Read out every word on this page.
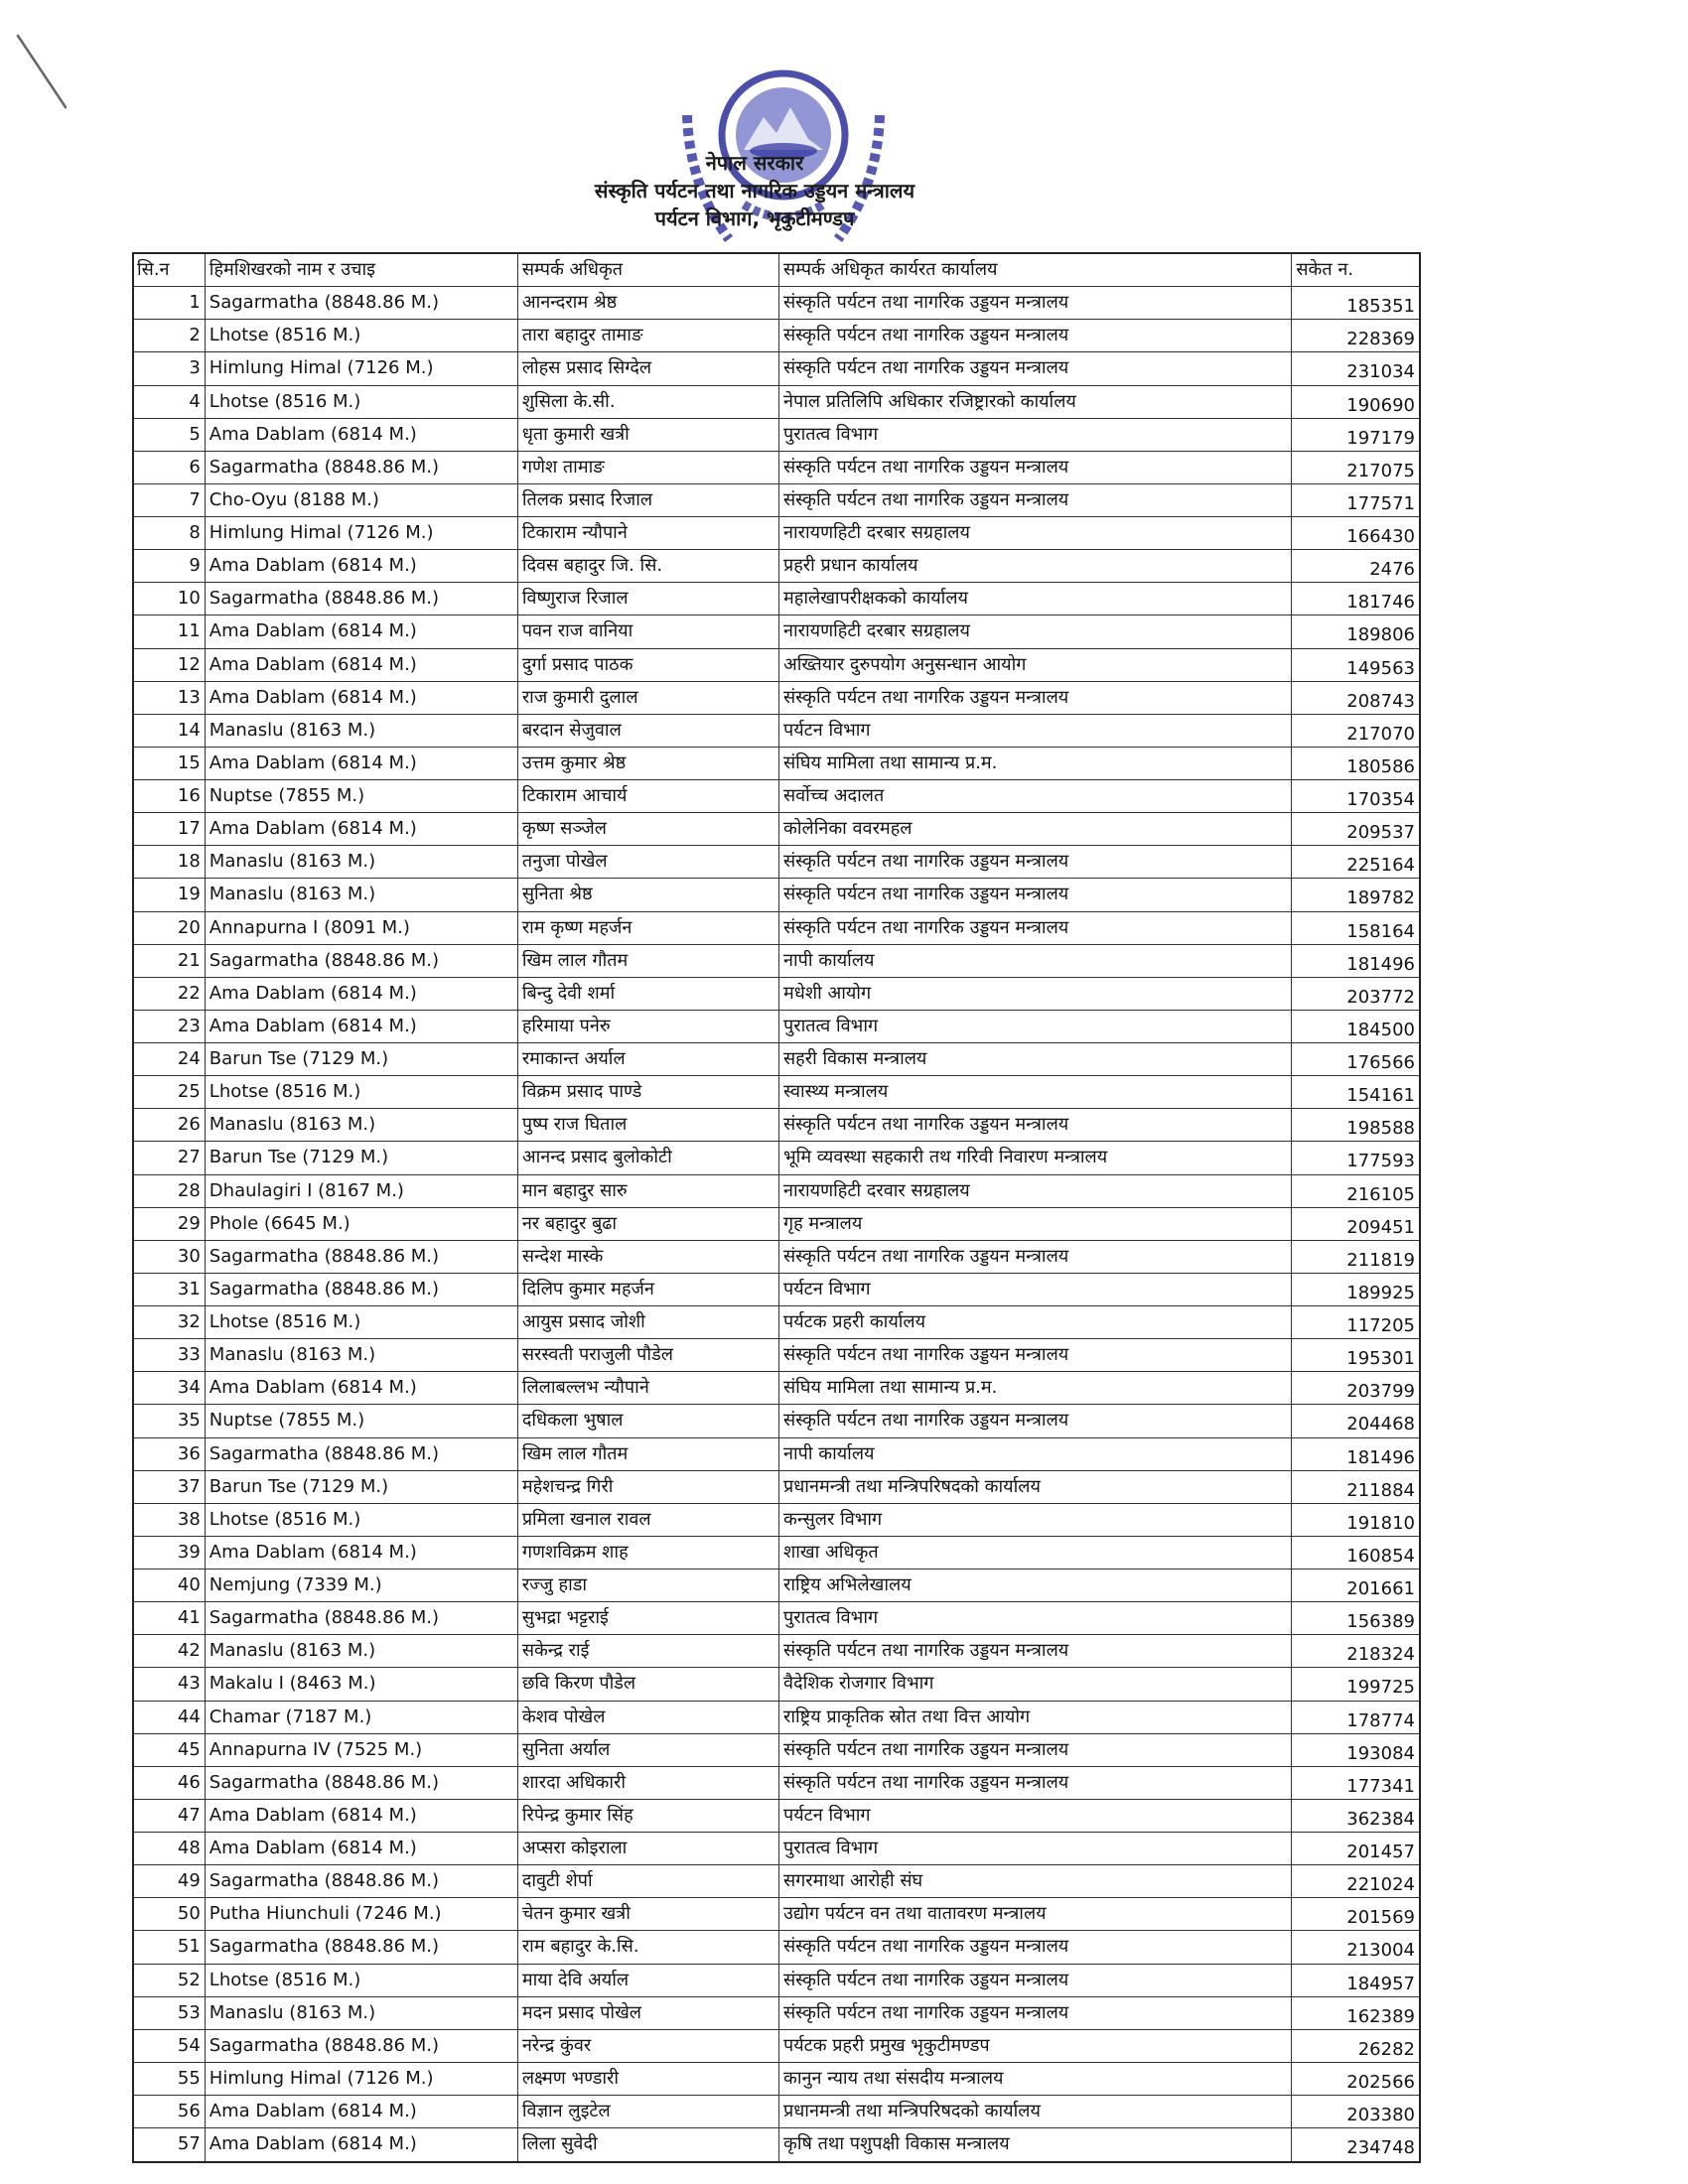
नेपाल सरकार
संस्कृति पर्यटन तथा नागरिक उड्डयन मन्त्रालय
पर्यटन विभाग, भृकुटीमण्डप
सि.न	हिमशिखरको नाम र उचाइ	सम्पर्क अधिकृत	सम्पर्क अधिकृत कार्यरत कार्यालय	सकेत न.
1 Sagarmatha (8848.86 M.)	आनन्दराम श्रेष्ठ	संस्कृति पर्यटन तथा नागरिक उड्डयन मन्त्रालय	185351
2 Lhotse (8516 M.)	तारा बहादुर तामाङ	संस्कृति पर्यटन तथा नागरिक उड्डयन मन्त्रालय	228369
3 Himlung Himal (7126 M.)	लोहस प्रसाद सिग्देल	संस्कृति पर्यटन तथा नागरिक उड्डयन मन्त्रालय	231034
4 Lhotse (8516 M.)	शुसिला के.सी.	नेपाल प्रतिलिपि अधिकार रजिष्ट्रारको कार्यालय	190690
5 Ama Dablam (6814 M.)	धृता कुमारी खत्री	पुरातत्व विभाग	197179
6 Sagarmatha (8848.86 M.)	गणेश तामाङ	संस्कृति पर्यटन तथा नागरिक उड्डयन मन्त्रालय	217075
7 Cho-Oyu (8188 M.)	तिलक प्रसाद रिजाल	संस्कृति पर्यटन तथा नागरिक उड्डयन मन्त्रालय	177571
8 Himlung Himal (7126 M.)	टिकाराम न्यौपाने	नारायणहिटी दरबार सग्रहालय	166430
9 Ama Dablam (6814 M.)	दिवस बहादुर जि. सि.	प्रहरी प्रधान कार्यालय	2476
10 Sagarmatha (8848.86 M.)	विष्णुराज रिजाल	महालेखापरीक्षकको कार्यालय	181746
11 Ama Dablam (6814 M.)	पवन राज वानिया	नारायणहिटी दरबार सग्रहालय	189806
12 Ama Dablam (6814 M.)	दुर्गा प्रसाद पाठक	अख्तियार दुरुपयोग अनुसन्धान आयोग	149563
13 Ama Dablam (6814 M.)	राज कुमारी दुलाल	संस्कृति पर्यटन तथा नागरिक उड्डयन मन्त्रालय	208743
14 Manaslu (8163 M.)	बरदान सेजुवाल	पर्यटन विभाग	217070
15 Ama Dablam (6814 M.)	उत्तम कुमार श्रेष्ठ	संघिय मामिला तथा सामान्य प्र.म.	180586
16 Nuptse (7855 M.)	टिकाराम आचार्य	सर्वोच्च अदालत	170354
17 Ama Dablam (6814 M.)	कृष्ण सञ्जेल	कोलेनिका ववरमहल	209537
18 Manaslu (8163 M.)	तनुजा पोखेल	संस्कृति पर्यटन तथा नागरिक उड्डयन मन्त्रालय	225164
19 Manaslu (8163 M.)	सुनिता श्रेष्ठ	संस्कृति पर्यटन तथा नागरिक उड्डयन मन्त्रालय	189782
20 Annapurna I (8091 M.)	राम कृष्ण महर्जन	संस्कृति पर्यटन तथा नागरिक उड्डयन मन्त्रालय	158164
21 Sagarmatha (8848.86 M.)	खिम लाल गौतम	नापी कार्यालय	181496
22 Ama Dablam (6814 M.)	बिन्दु देवी शर्मा	मधेशी आयोग	203772
23 Ama Dablam (6814 M.)	हरिमाया पनेरु	पुरातत्व विभाग	184500
24 Barun Tse (7129 M.)	रमाकान्त अर्याल	सहरी विकास मन्त्रालय	176566
25 Lhotse (8516 M.)	विक्रम प्रसाद पाण्डे	स्वास्थ्य मन्त्रालय	154161
26 Manaslu (8163 M.)	पुष्प राज घिताल	संस्कृति पर्यटन तथा नागरिक उड्डयन मन्त्रालय	198588
27 Barun Tse (7129 M.)	आनन्द प्रसाद बुलोकोटी	भूमि व्यवस्था सहकारी तथ गरिवी निवारण मन्त्रालय	177593
28 Dhaulagiri I (8167 M.)	मान बहादुर सारु	नारायणहिटी दरवार सग्रहालय	216105
29 Phole (6645 M.)	नर बहादुर बुढा	गृह मन्त्रालय	209451
30 Sagarmatha (8848.86 M.)	सन्देश मास्के	संस्कृति पर्यटन तथा नागरिक उड्डयन मन्त्रालय	211819
31 Sagarmatha (8848.86 M.)	दिलिप कुमार महर्जन	पर्यटन विभाग	189925
32 Lhotse (8516 M.)	आयुस प्रसाद जोशी	पर्यटक प्रहरी कार्यालय	117205
33 Manaslu (8163 M.)	सरस्वती पराजुली पौडेल	संस्कृति पर्यटन तथा नागरिक उड्डयन मन्त्रालय	195301
34 Ama Dablam (6814 M.)	लिलाबल्लभ न्यौपाने	संघिय मामिला तथा सामान्य प्र.म.	203799
35 Nuptse (7855 M.)	दधिकला भुषाल	संस्कृति पर्यटन तथा नागरिक उड्डयन मन्त्रालय	204468
36 Sagarmatha (8848.86 M.)	खिम लाल गौतम	नापी कार्यालय	181496
37 Barun Tse (7129 M.)	महेशचन्द्र गिरी	प्रधानमन्त्री तथा मन्त्रिपरिषदको कार्यालय	211884
38 Lhotse (8516 M.)	प्रमिला खनाल रावल	कन्सुलर विभाग	191810
39 Ama Dablam (6814 M.)	गणशविक्रम शाह	शाखा अधिकृत	160854
40 Nemjung (7339 M.)	रज्जु हाडा	राष्ट्रिय अभिलेखालय	201661
41 Sagarmatha (8848.86 M.)	सुभद्रा भट्टराई	पुरातत्व विभाग	156389
42 Manaslu (8163 M.)	सकेन्द्र राई	संस्कृति पर्यटन तथा नागरिक उड्डयन मन्त्रालय	218324
43 Makalu I (8463 M.)	छवि किरण पौडेल	वैदेशिक रोजगार विभाग	199725
44 Chamar (7187 M.)	केशव पोखेल	राष्ट्रिय प्राकृतिक स्रोत तथा वित्त आयोग	178774
45 Annapurna IV (7525 M.)	सुनिता अर्याल	संस्कृति पर्यटन तथा नागरिक उड्डयन मन्त्रालय	193084
46 Sagarmatha (8848.86 M.)	शारदा अधिकारी	संस्कृति पर्यटन तथा नागरिक उड्डयन मन्त्रालय	177341
47 Ama Dablam (6814 M.)	रिपेन्द्र कुमार सिंह	पर्यटन विभाग	362384
48 Ama Dablam (6814 M.)	अप्सरा कोइराला	पुरातत्व विभाग	201457
49 Sagarmatha (8848.86 M.)	दावुटी शेर्पा	सगरमाथा आरोही संघ	221024
50 Putha Hiunchuli (7246 M.)	चेतन कुमार खत्री	उद्योग पर्यटन वन तथा वातावरण मन्त्रालय	201569
51 Sagarmatha (8848.86 M.)	राम बहादुर के.सि.	संस्कृति पर्यटन तथा नागरिक उड्डयन मन्त्रालय	213004
52 Lhotse (8516 M.)	माया देवि अर्याल	संस्कृति पर्यटन तथा नागरिक उड्डयन मन्त्रालय	184957
53 Manaslu (8163 M.)	मदन प्रसाद पोखेल	संस्कृति पर्यटन तथा नागरिक उड्डयन मन्त्रालय	162389
54 Sagarmatha (8848.86 M.)	नरेन्द्र कुंवर	पर्यटक प्रहरी प्रमुख भृकुटीमण्डप	26282
55 Himlung Himal (7126 M.)	लक्ष्मण भण्डारी	कानुन न्याय तथा संसदीय मन्त्रालय	202566
56 Ama Dablam (6814 M.)	विज्ञान लुइटेल	प्रधानमन्त्री तथा मन्त्रिपरिषदको कार्यालय	203380
57 Ama Dablam (6814 M.)	लिला सुवेदी	कृषि तथा पशुपक्षी विकास मन्त्रालय	234748
